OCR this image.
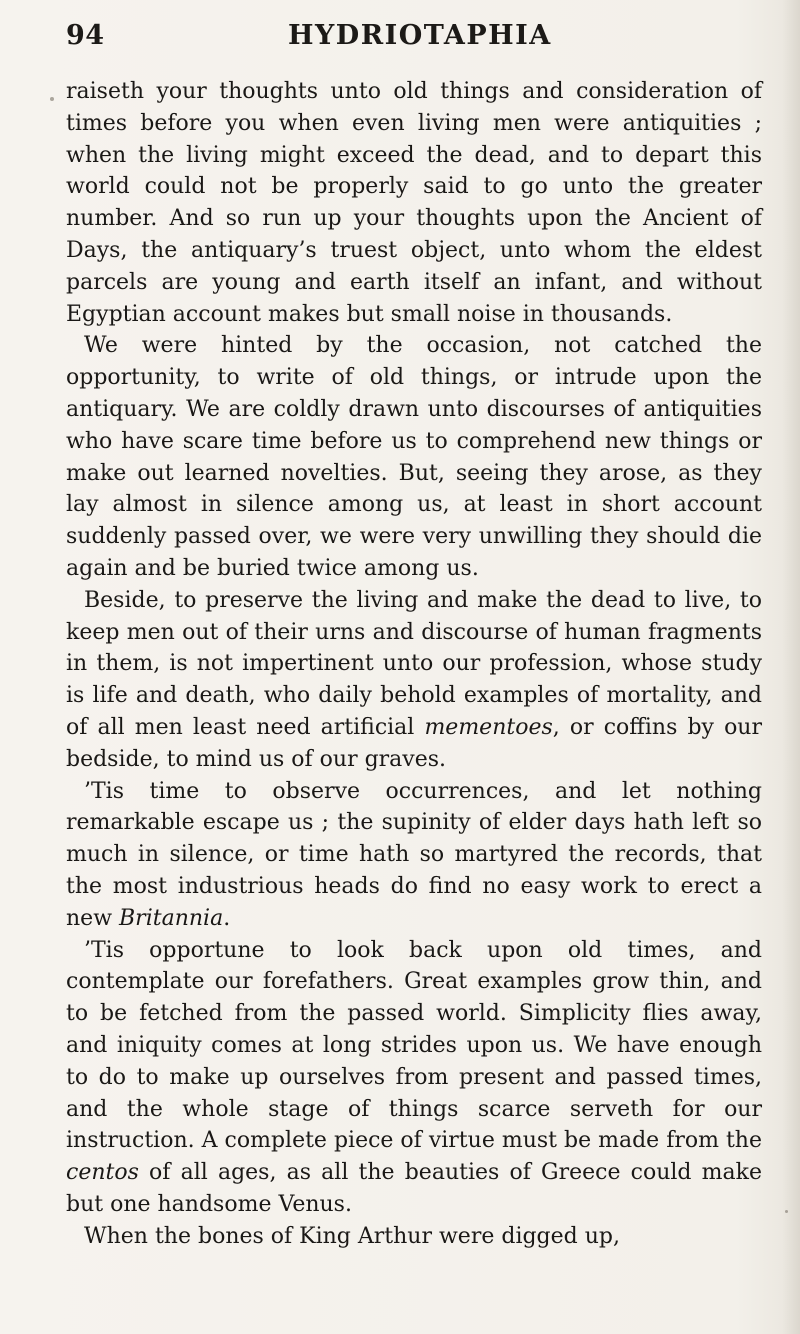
94	HYDRIOTAPHIA

raiseth your thoughts unto old things and consideration of times before you when even living men were antiquities ; when the living might exceed the dead, and to depart this world could not be properly said to go unto the greater number. And so run up your thoughts upon the Ancient of Days, the antiquary’s truest object, unto whom the eldest parcels are young and earth itself an infant, and without Egyptian account makes but small noise in thousands.

We were hinted by the occasion, not catched the opportunity, to write of old things, or intrude upon the antiquary. We are coldly drawn unto discourses of antiquities who have scare time before us to comprehend new things or make out learned novelties. But, seeing they arose, as they lay almost in silence among us, at least in short account suddenly passed over, we were very unwilling they should die again and be buried twice among us.

Beside, to preserve the living and make the dead to live, to keep men out of their urns and discourse of human fragments in them, is not impertinent unto our profession, whose study is life and death, who daily behold examples of mortality, and of all men least need artificial mementoes, or coffins by our bedside, to mind us of our graves.

’Tis time to observe occurrences, and let nothing remarkable escape us ; the supinity of elder days hath left so much in silence, or time hath so martyred the records, that the most industrious heads do find no easy work to erect a new Britannia.

’Tis opportune to look back upon old times, and contemplate our forefathers. Great examples grow thin, and to be fetched from the passed world. Simplicity flies away, and iniquity comes at long strides upon us. We have enough to do to make up ourselves from present and passed times, and the whole stage of things scarce serveth for our instruction. A complete piece of virtue must be made from the centos of all ages, as all the beauties of Greece could make but one handsome Venus.

When the bones of King Arthur were digged up,
